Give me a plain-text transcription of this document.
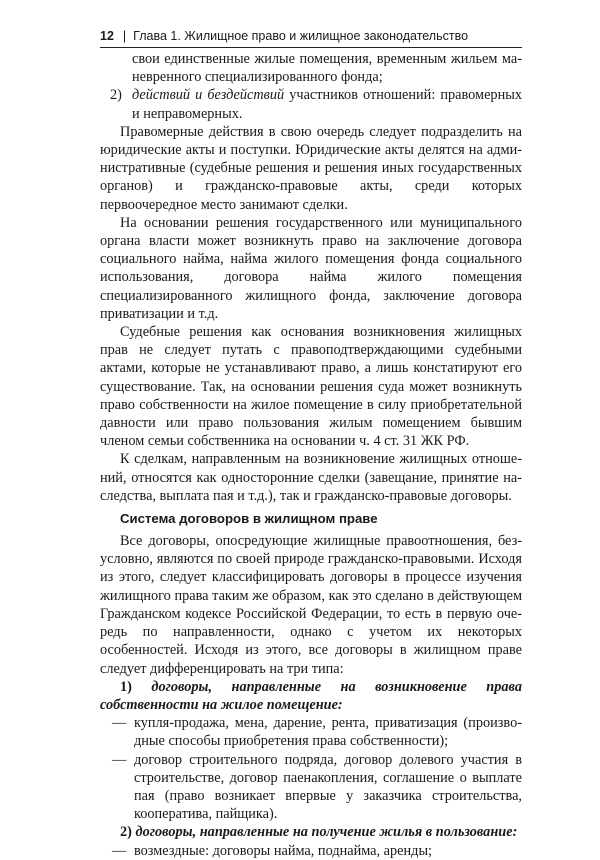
12 | Глава 1. Жилищное право и жилищное законодательство

свои единственные жилые помещения, временным жильем маневренного специализированного фонда;

2) действий и бездействий участников отношений: правомерных и неправомерных.

Правомерные действия в свою очередь следует подразделить на юридические акты и поступки. Юридические акты делятся на административные (судебные решения и решения иных государственных органов) и гражданско-правовые акты, среди которых первоочередное место занимают сделки.

На основании решения государственного или муниципального органа власти может возникнуть право на заключение договора социального найма, найма жилого помещения фонда социального использования, договора найма жилого помещения специализированного жилищного фонда, заключение договора приватизации и т.д.

Судебные решения как основания возникновения жилищных прав не следует путать с правоподтверждающими судебными актами, которые не устанавливают право, а лишь констатируют его существование. Так, на основании решения суда может возникнуть право собственности на жилое помещение в силу приобретательной давности или право пользования жилым помещением бывшим членом семьи собственника на основании ч. 4 ст. 31 ЖК РФ.

К сделкам, направленным на возникновение жилищных отношений, относятся как односторонние сделки (завещание, принятие наследства, выплата пая и т.д.), так и гражданско-правовые договоры.

Система договоров в жилищном праве

Все договоры, опосредующие жилищные правоотношения, безусловно, являются по своей природе гражданско-правовыми. Исходя из этого, следует классифицировать договоры в процессе изучения жилищного права таким же образом, как это сделано в действующем Гражданском кодексе Российской Федерации, то есть в первую очередь по направленности, однако с учетом их некоторых особенностей. Исходя из этого, все договоры в жилищном праве следует дифференцировать на три типа:

1) договоры, направленные на возникновение права собственности на жилое помещение:

— купля-продажа, мена, дарение, рента, приватизация (производные способы приобретения права собственности);

— договор строительного подряда, договор долевого участия в строительстве, договор паенакопления, соглашение о выплате пая (право возникает впервые у заказчика строительства, кооператива, пайщика).

2) договоры, направленные на получение жилья в пользование:

— возмездные: договоры найма, поднайма, аренды;
